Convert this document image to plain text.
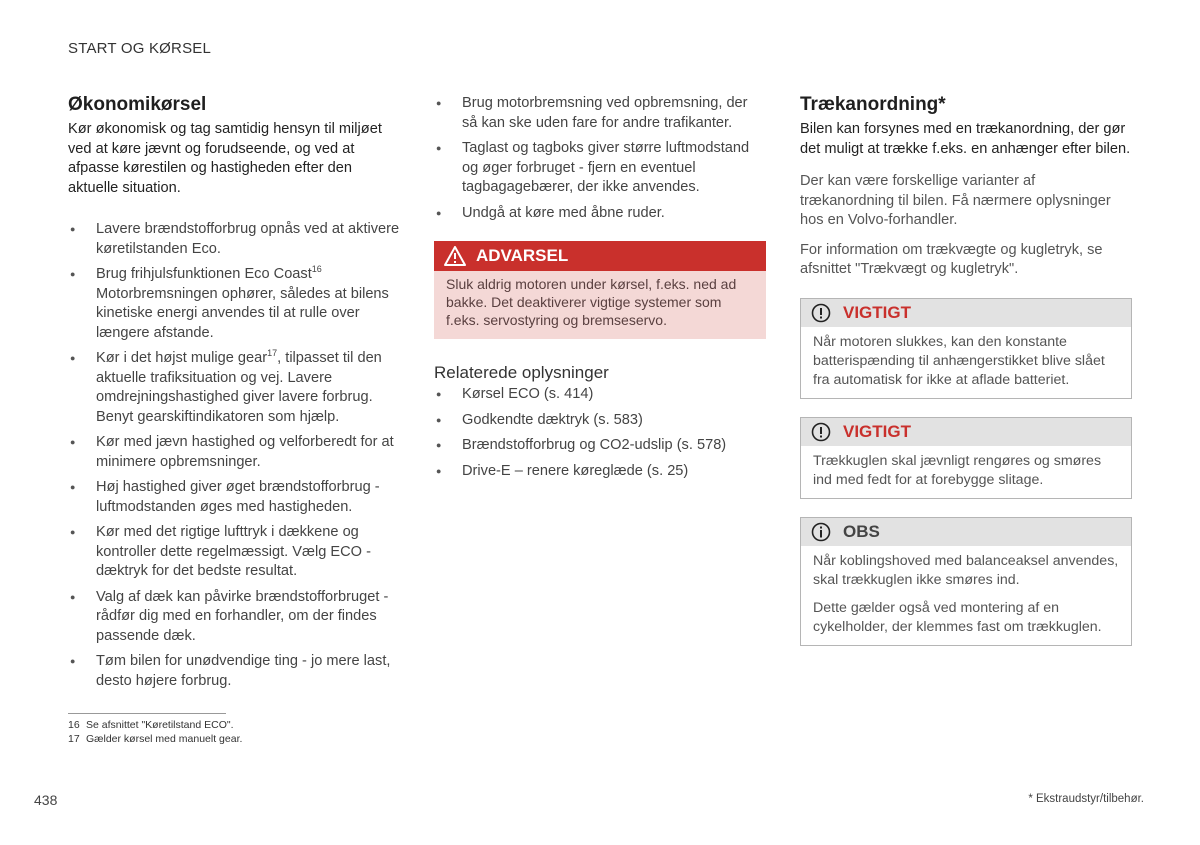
START OG KØRSEL
Økonomikørsel

Kør økonomisk og tag samtidig hensyn til miljøet ved at køre jævnt og forudseende, og ved at afpasse kørestilen og hastigheden efter den aktuelle situation.

● Lavere brændstofforbrug opnås ved at aktivere køretilstanden Eco.
● Brug frihjulsfunktionen Eco Coast$^{16}$ Motorbremsningen ophører, således at bilens kinetiske energi anvendes til at rulle over længere afstande.
● Kør i det højst mulige gear$^{17}$, tilpasset til den aktuelle trafiksituation og vej. Lavere omdrejningshastighed giver lavere forbrug. Benyt gearskiftindikatoren som hjælp.
● Kør med jævn hastighed og velforberedt for at minimere opbremsninger.
● Høj hastighed giver øget brændstofforbrug - luftmodstanden øges med hastigheden.
● Kør med det rigtige lufttryk i dækkene og kontroller dette regelmæssigt. Vælg ECO -dæktryk for det bedste resultat.
● Valg af dæk kan påvirke brændstofforbruget - rådfør dig med en forhandler, om der findes passende dæk.
● Tøm bilen for unødvendige ting - jo mere last, desto højere forbrug.
● Brug motorbremsning ved opbremsning, der så kan ske uden fare for andre trafikanter.
● Taglast og tagboks giver større luftmodstand og øger forbruget - fjern en eventuel tagbagagebærer, der ikke anvendes.
● Undgå at køre med åbne ruder.
ADVARSEL

Sluk aldrig motoren under kørsel, f.eks. ned ad bakke. Det deaktiverer vigtige systemer som f.eks. servostyring og bremseservo.

Relaterede oplysninger
● Kørsel ECO (s. 414)
● Godkendte dæktryk (s. 583)
● Brændstofforbrug og CO2-udslip (s. 578)
● Drive-E – renere køreglæde (s. 25)
Trækanordning*

Bilen kan forsynes med en trækanordning, der gør det muligt at trække f.eks. en anhænger efter bilen.

Der kan være forskellige varianter af trækanordning til bilen. Få nærmere oplysninger hos en Volvo-forhandler.

For information om trækvægte og kugletryk, se afsnittet "Trækvægt og kugletryk".

VIGTIGT

Når motoren slukkes, kan den konstante batterispænding til anhængerstikket blive slået fra automatisk for ikke at aflade batteriet.

VIGTIGT

Trækkuglen skal jævnligt rengøres og smøres ind med fedt for at forebygge slitage.

OBS

Når koblingshoved med balanceaksel anvendes, skal trækkuglen ikke smøres ind.

Dette gælder også ved montering af en cykelholder, der klemmes fast om trækkuglen.

16 Se afsnittet "Køretilstand ECO".
17 Gælder kørsel med manuelt gear.
438	* Ekstraudstyr/tilbehør.
